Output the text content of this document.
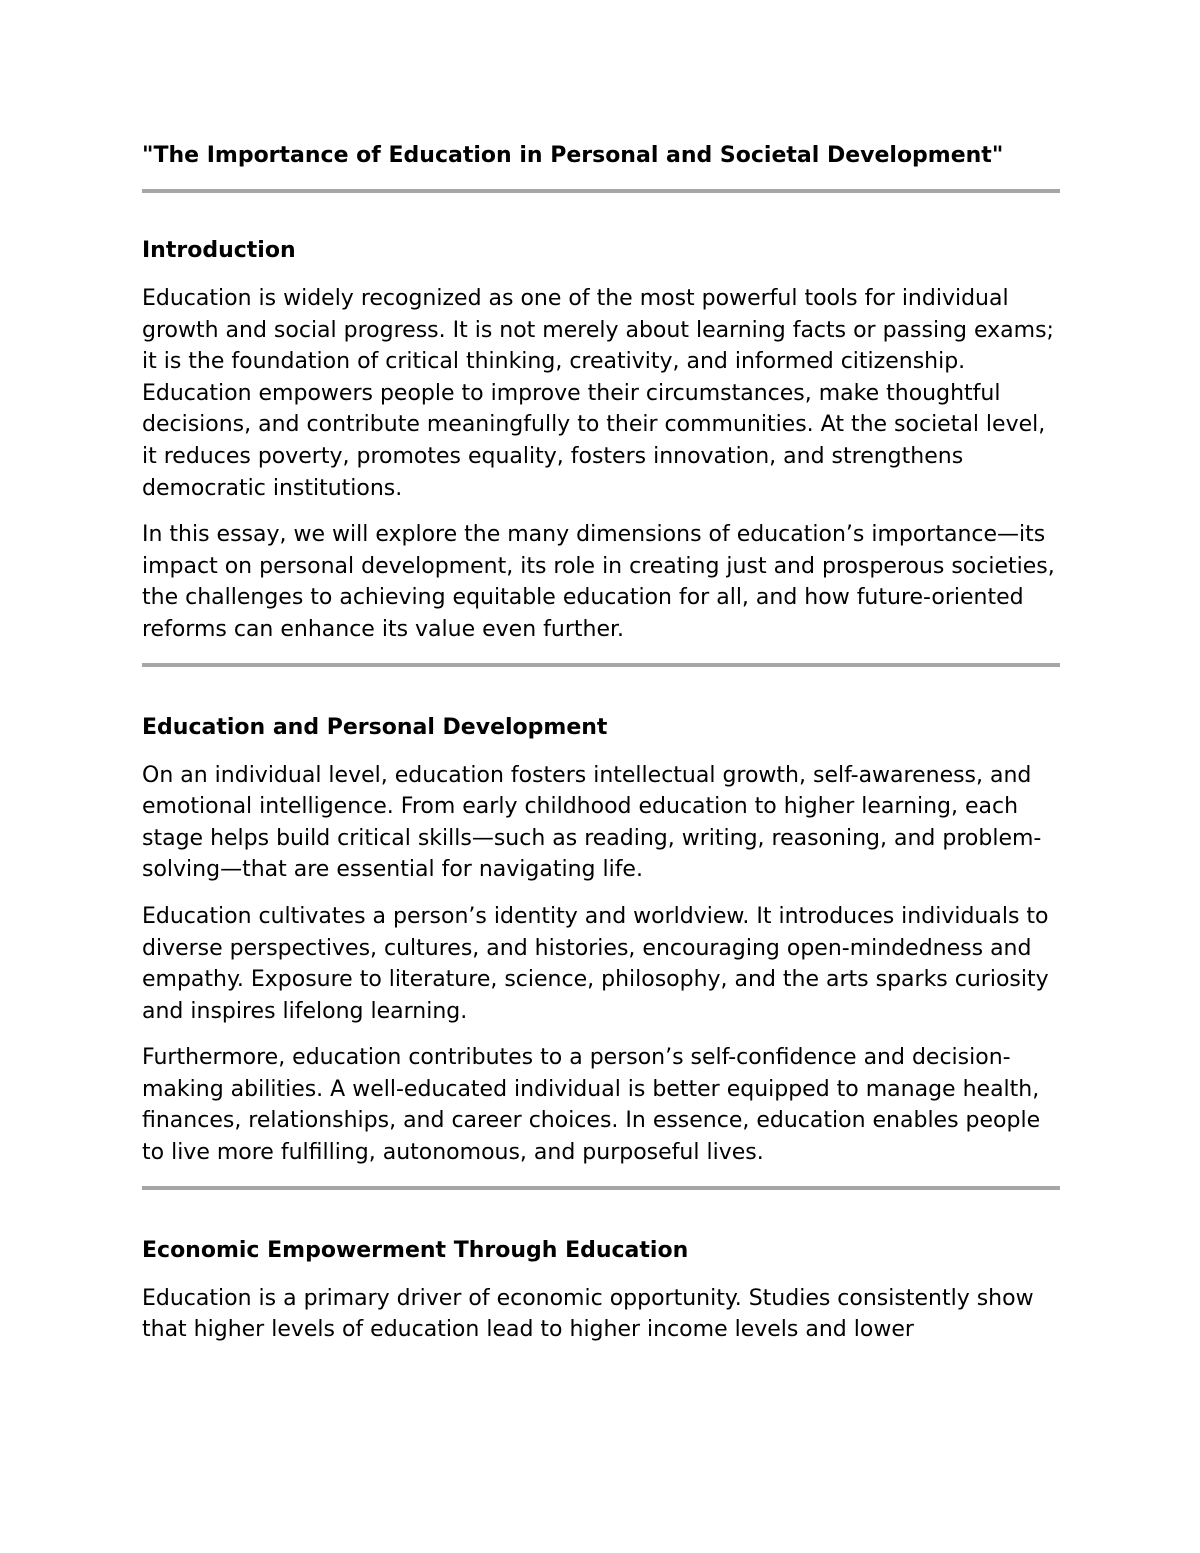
"The Importance of Education in Personal and Societal Development"
Introduction

Education is widely recognized as one of the most powerful tools for individual growth and social progress. It is not merely about learning facts or passing exams; it is the foundation of critical thinking, creativity, and informed citizenship. Education empowers people to improve their circumstances, make thoughtful decisions, and contribute meaningfully to their communities. At the societal level, it reduces poverty, promotes equality, fosters innovation, and strengthens democratic institutions.

In this essay, we will explore the many dimensions of education’s importance—its impact on personal development, its role in creating just and prosperous societies, the challenges to achieving equitable education for all, and how future-oriented reforms can enhance its value even further.

Education and Personal Development

On an individual level, education fosters intellectual growth, self-awareness, and emotional intelligence. From early childhood education to higher learning, each stage helps build critical skills—such as reading, writing, reasoning, and problem-solving—that are essential for navigating life.

Education cultivates a person’s identity and worldview. It introduces individuals to diverse perspectives, cultures, and histories, encouraging open-mindedness and empathy. Exposure to literature, science, philosophy, and the arts sparks curiosity and inspires lifelong learning.

Furthermore, education contributes to a person’s self-confidence and decision-making abilities. A well-educated individual is better equipped to manage health, finances, relationships, and career choices. In essence, education enables people to live more fulfilling, autonomous, and purposeful lives.

Economic Empowerment Through Education

Education is a primary driver of economic opportunity. Studies consistently show that higher levels of education lead to higher income levels and lower
